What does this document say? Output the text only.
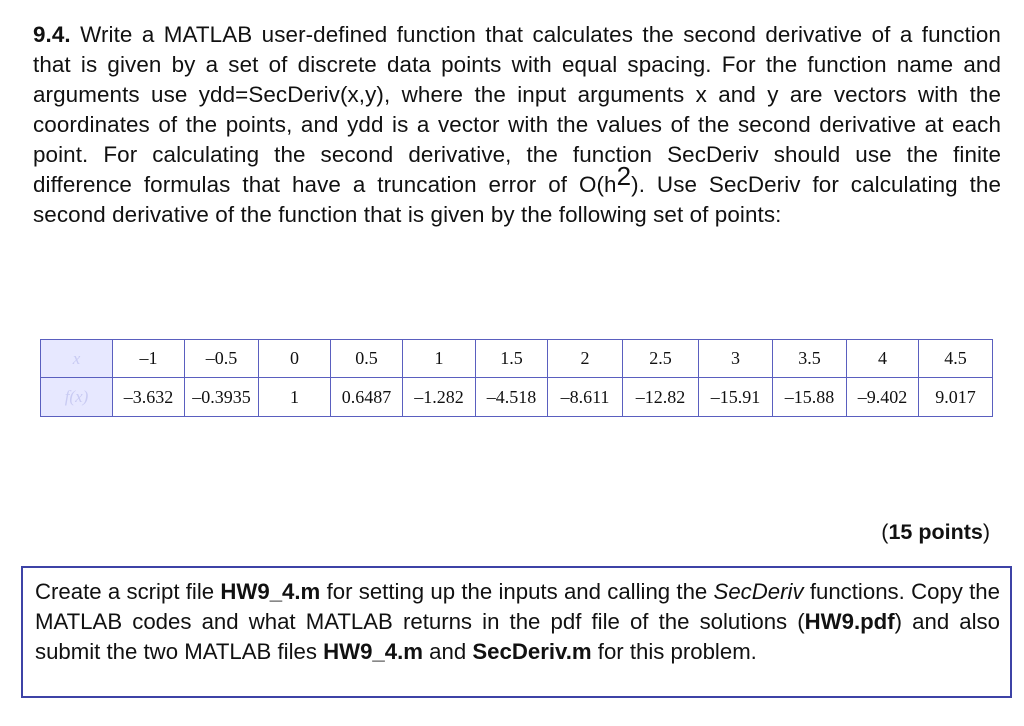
9.4. Write a MATLAB user-defined function that calculates the second derivative of a function that is given by a set of discrete data points with equal spacing. For the function name and arguments use ydd=SecDeriv(x,y), where the input arguments x and y are vectors with the coordinates of the points, and ydd is a vector with the values of the second derivative at each point. For calculating the second derivative, the function SecDeriv should use the finite difference formulas that have a truncation error of $O(h^2)$. Use SecDeriv for calculating the second derivative of the function that is given by the following set of points:
x	–1	–0.5	0	0.5	1	1.5	2	2.5	3	3.5	4	4.5
f(x)	–3.632	–0.3935	1	0.6487	–1.282	–4.518	–8.611	–12.82	–15.91	–15.88	–9.402	9.017
(15 points)
Create a script file HW9_4.m for setting up the inputs and calling the SecDeriv functions. Copy the MATLAB codes and what MATLAB returns in the pdf file of the solutions (HW9.pdf) and also submit the two MATLAB files HW9_4.m and SecDeriv.m for this problem.
